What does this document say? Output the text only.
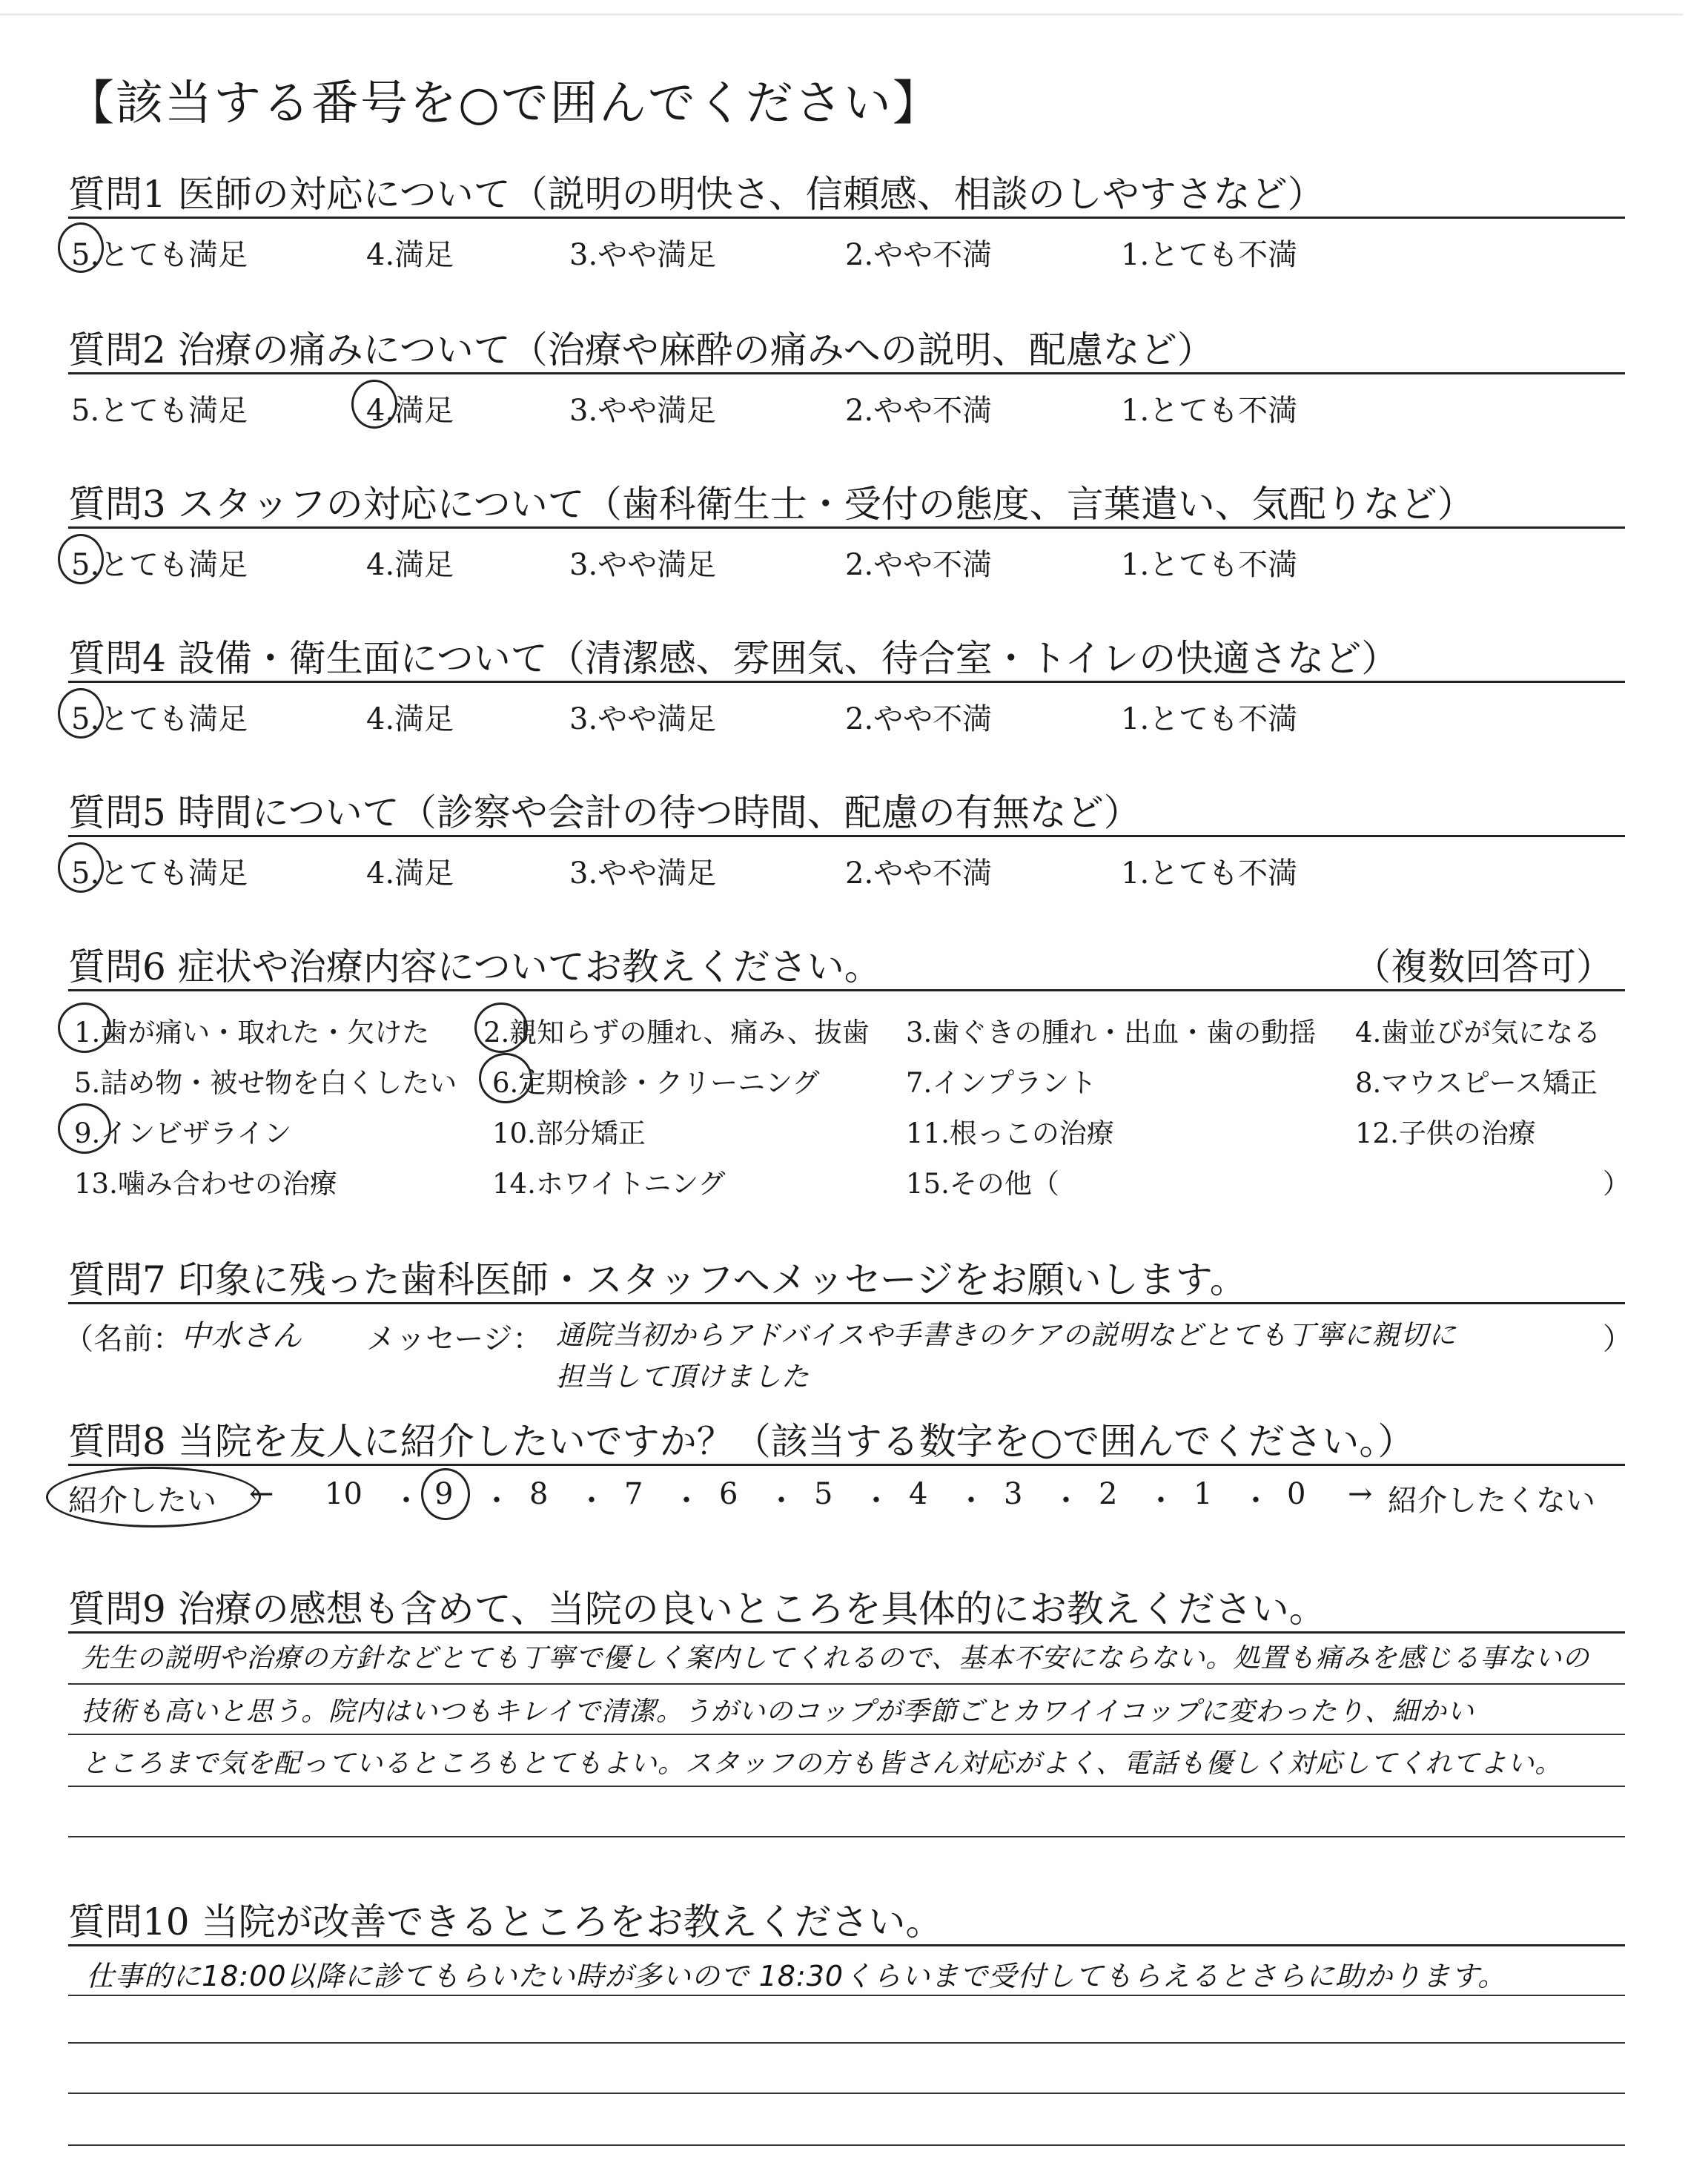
【該当する番号を○で囲んでください】
質問1 医師の対応について（説明の明快さ、信頼感、相談のしやすさなど）
5.とても満足	4.満足	3.やや満足	2.やや不満	1.とても不満
質問2 治療の痛みについて（治療や麻酔の痛みへの説明、配慮など）
5.とても満足	4.満足	3.やや満足	2.やや不満	1.とても不満
質問3 スタッフの対応について（歯科衛生士・受付の態度、言葉遣い、気配りなど）
5.とても満足	4.満足	3.やや満足	2.やや不満	1.とても不満
質問4 設備・衛生面について（清潔感、雰囲気、待合室・トイレの快適さなど）
5.とても満足	4.満足	3.やや満足	2.やや不満	1.とても不満
質問5 時間について（診察や会計の待つ時間、配慮の有無など）
5.とても満足	4.満足	3.やや満足	2.やや不満	1.とても不満
質問6 症状や治療内容についてお教えください。	（複数回答可）
1.歯が痛い・取れた・欠けた 2.親知らずの腫れ、痛み、抜歯 3.歯ぐきの腫れ・出血・歯の動揺 4.歯並びが気になる
5.詰め物・被せ物を白くしたい 6.定期検診・クリーニング	7.インプラント	8.マウスピース矯正
9.インビザライン	10.部分矯正	11.根っこの治療	12.子供の治療
13.噛み合わせの治療	14.ホワイトニング	15.その他（	）
質問7 印象に残った歯科医師・スタッフへメッセージをお願いします。
（名前：
中水さん メッセージ： 通院当初からアドバイスや手書きのケアの説明などとても丁寧に親切に
担当して頂けました
）
質問8 当院を友人に紹介したいですか？（該当する数字を○で囲んでください。）
紹介したい ← 10 ・ 9 ・ 8 ・ 7 ・ 6 ・ 5 ・ 4 ・ 3 ・ 2 ・ 1 ・ 0 → 紹介したくない
質問9 治療の感想も含めて、当院の良いところを具体的にお教えください。
先生の説明や治療の方針などとても丁寧で優しく案内してくれるので、基本不安にならない。処置も痛みを感じる事ないの
技術も高いと思う。院内はいつもキレイで清潔。うがいのコップが季節ごとカワイイコップに変わったり、細かい
ところまで気を配っているところもとてもよい。スタッフの方も皆さん対応がよく、電話も優しく対応してくれてよい。
質問10 当院が改善できるところをお教えください。
仕事的に18:00以降に診てもらいたい時が多いので 18:30くらいまで受付してもらえるとさらに助かります。
